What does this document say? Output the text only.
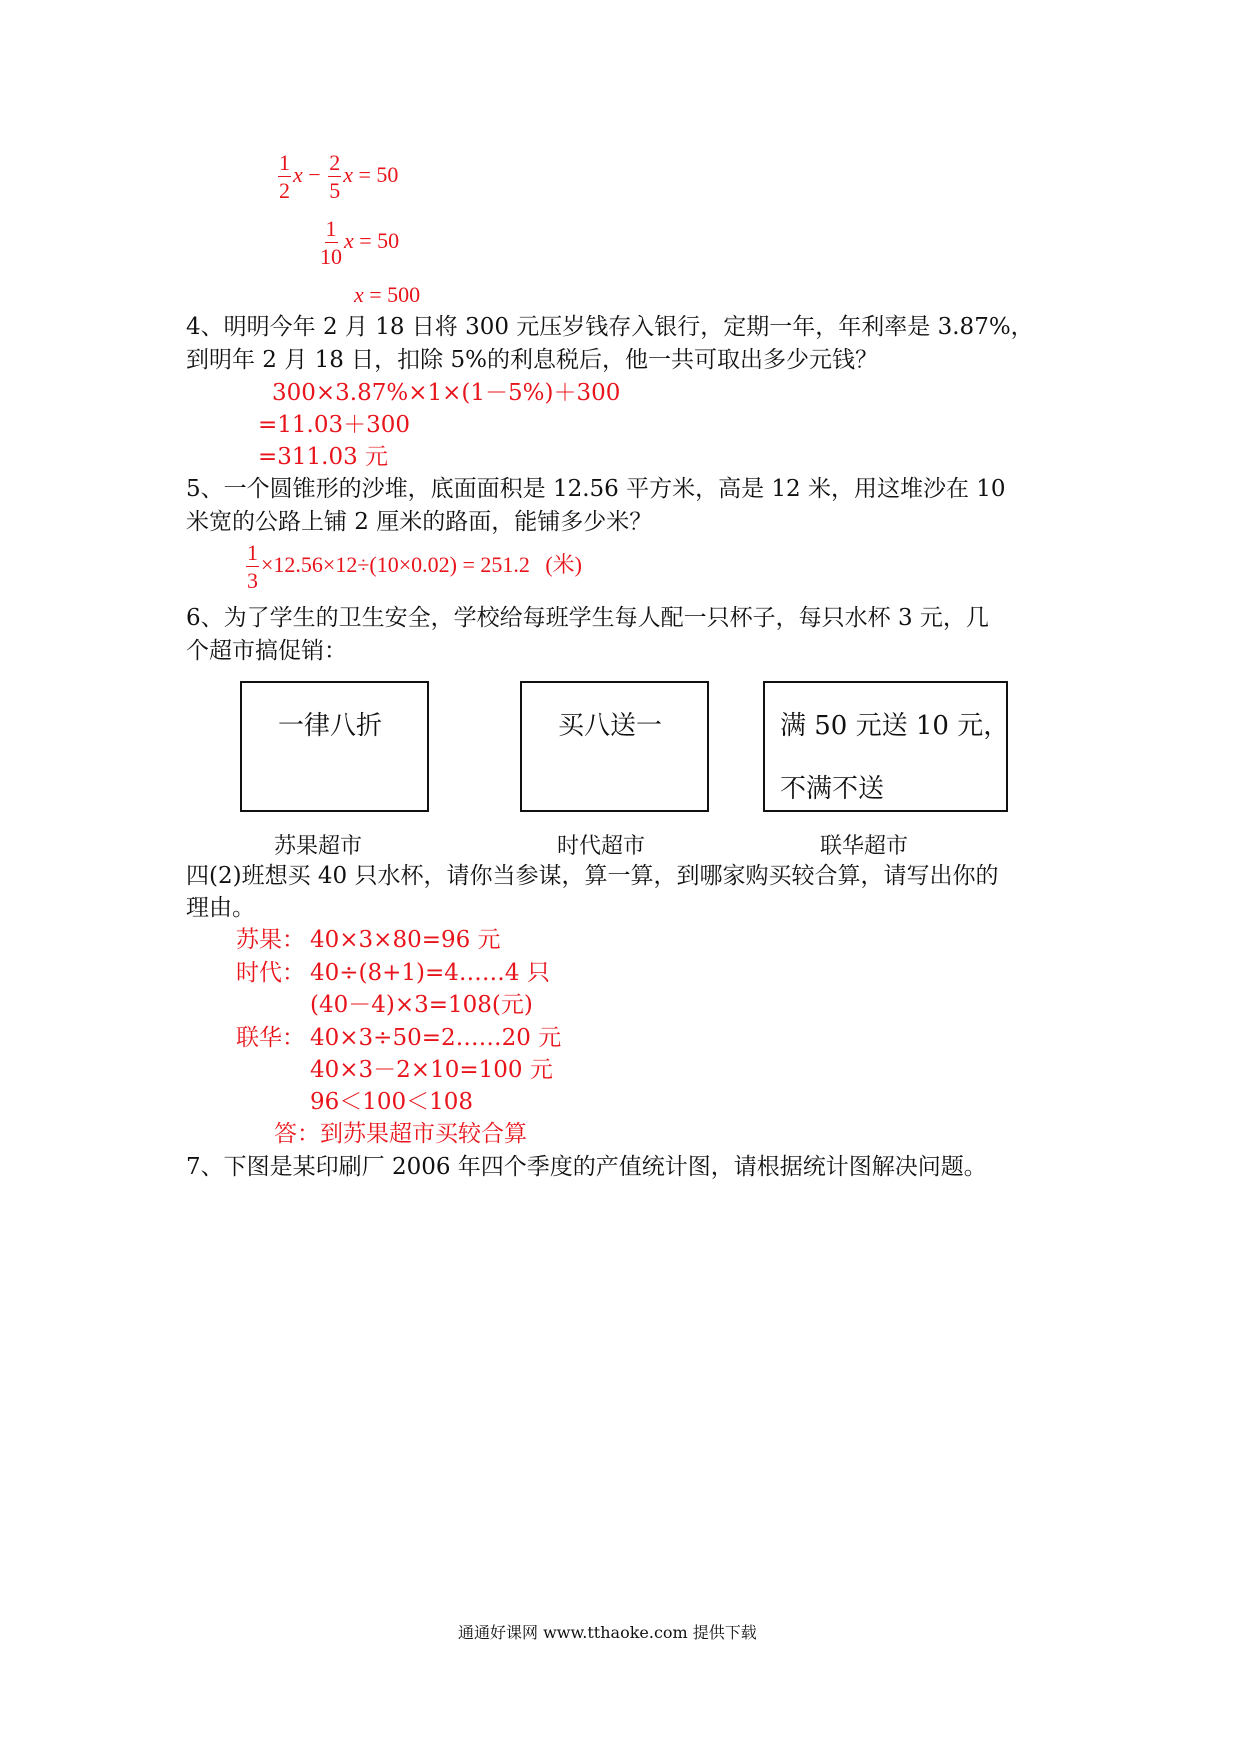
$\frac{1}{2}$ $x - \frac{2}{5}$ x = 50
$\frac{1}{10}$ x = 50
x = 500
4、明明今年 2 月 18 日将 300 元压岁钱存入银行，定期一年，年利率是 3.87%，
到明年 2 月 18 日，扣除 5%的利息税后，他一共可取出多少元钱？
300×3.87%×1×(1－5%)＋300
=11.03＋300
=311.03 元
5、一个圆锥形的沙堆，底面面积是 12.56 平方米，高是 12 米，用这堆沙在 10
米宽的公路上铺 2 厘米的路面，能铺多少米？
$\frac{1}{3} \times 12.56\times 12\div(10\times 0.02) = 251.2$ (米)
6、为了学生的卫生安全，学校给每班学生每人配一只杯子，每只水杯 3 元，几
个超市搞促销：
一律八折	买八送一	满 50 元送 10 元，
不满不送
苏果超市	时代超市	联华超市
四(2)班想买 40 只水杯，请你当参谋，算一算，到哪家购买较合算，请写出你的
理由。
苏果： 40×3×80=96 元
时代： 40÷(8+1)=4……4 只
(40－4)×3=108(元)
联华： 40×3÷50=2……20 元
40×3－2×10=100 元
96＜100＜108
答：到苏果超市买较合算
7、下图是某印刷厂 2006 年四个季度的产值统计图，请根据统计图解决问题。
通通好课网 www.tthaoke.com 提供下载
